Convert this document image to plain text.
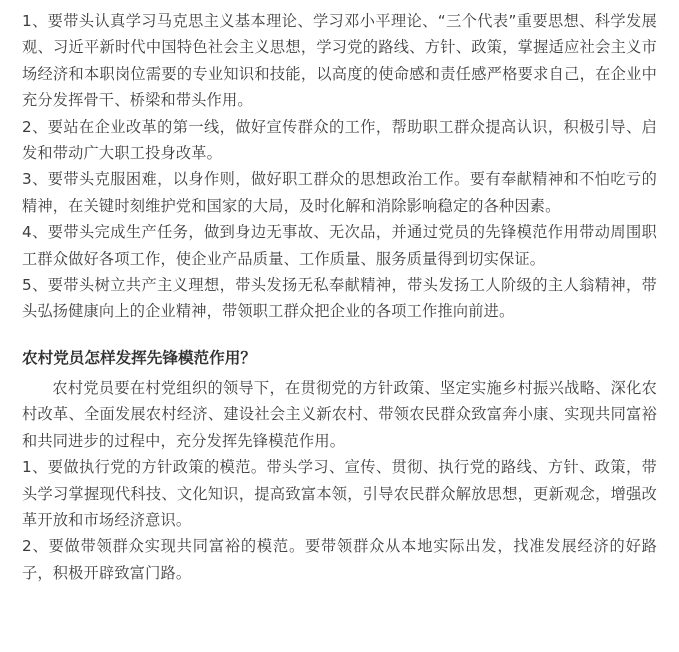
1、要带头认真学习马克思主义基本理论、学习邓小平理论、“三个代表”重要思想、科学发展观、习近平新时代中国特色社会主义思想，学习党的路线、方针、政策，掌握适应社会主义市场经济和本职岗位需要的专业知识和技能，以高度的使命感和责任感严格要求自己，在企业中充分发挥骨干、桥梁和带头作用。

2、要站在企业改革的第一线，做好宣传群众的工作，帮助职工群众提高认识，积极引导、启发和带动广大职工投身改革。

3、要带头克服困难，以身作则，做好职工群众的思想政治工作。要有奉献精神和不怕吃亏的精神，在关键时刻维护党和国家的大局，及时化解和消除影响稳定的各种因素。

4、要带头完成生产任务，做到身边无事故、无次品，并通过党员的先锋模范作用带动周围职工群众做好各项工作，使企业产品质量、工作质量、服务质量得到切实保证。

5、要带头树立共产主义理想，带头发扬无私奉献精神，带头发扬工人阶级的主人翁精神，带头弘扬健康向上的企业精神，带领职工群众把企业的各项工作推向前进。

农村党员怎样发挥先锋模范作用？

农村党员要在村党组织的领导下，在贯彻党的方针政策、坚定实施乡村振兴战略、深化农村改革、全面发展农村经济、建设社会主义新农村、带领农民群众致富奔小康、实现共同富裕和共同进步的过程中，充分发挥先锋模范作用。

1、要做执行党的方针政策的模范。带头学习、宣传、贯彻、执行党的路线、方针、政策，带头学习掌握现代科技、文化知识，提高致富本领，引导农民群众解放思想，更新观念，增强改革开放和市场经济意识。

2、要做带领群众实现共同富裕的模范。要带领群众从本地实际出发，找准发展经济的好路子，积极开辟致富门路。
